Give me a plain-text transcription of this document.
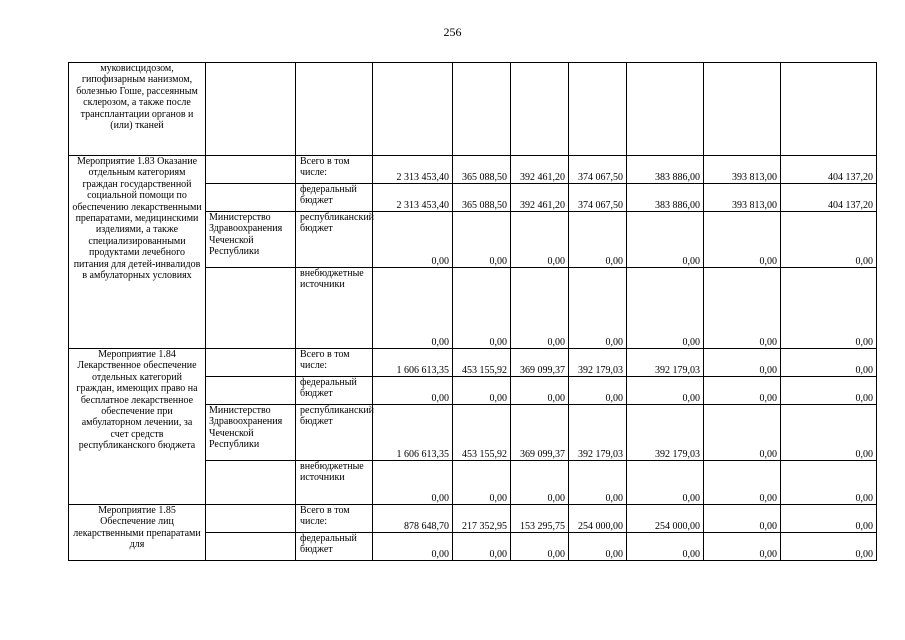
256
муковисцидозом, гипофизарным нанизмом, болезнью Гоше, рассеянным склерозом, а также после трансплантации органов и (или) тканей									
Мероприятие 1.83 Оказание отдельным категориям граждан государственной социальной помощи по обеспечению лекарственными препаратами, медицинскими изделиями, а также специализированными продуктами лечебного питания для детей-инвалидов в амбулаторных условиях		Всего в том числе:	2 313 453,40	365 088,50	392 461,20	374 067,50	383 886,00	393 813,00	404 137,20
		федеральный бюджет	2 313 453,40	365 088,50	392 461,20	374 067,50	383 886,00	393 813,00	404 137,20
	Министерство Здравоохранения Чеченской Республики	республиканский бюджет	0,00	0,00	0,00	0,00	0,00	0,00	0,00
		внебюджетные источники	0,00	0,00	0,00	0,00	0,00	0,00	0,00
Мероприятие 1.84 Лекарственное обеспечение отдельных категорий граждан, имеющих право на бесплатное лекарственное обеспечение при амбулаторном лечении, за счет средств республиканского бюджета		Всего в том числе:	1 606 613,35	453 155,92	369 099,37	392 179,03	392 179,03	0,00	0,00
		федеральный бюджет	0,00	0,00	0,00	0,00	0,00	0,00	0,00
	Министерство Здравоохранения Чеченской Республики	республиканский бюджет	1 606 613,35	453 155,92	369 099,37	392 179,03	392 179,03	0,00	0,00
		внебюджетные источники	0,00	0,00	0,00	0,00	0,00	0,00	0,00
Мероприятие 1.85 Обеспечение лиц лекарственными препаратами для		Всего в том числе:	878 648,70	217 352,95	153 295,75	254 000,00	254 000,00	0,00	0,00
		федеральный бюджет	0,00	0,00	0,00	0,00	0,00	0,00	0,00
